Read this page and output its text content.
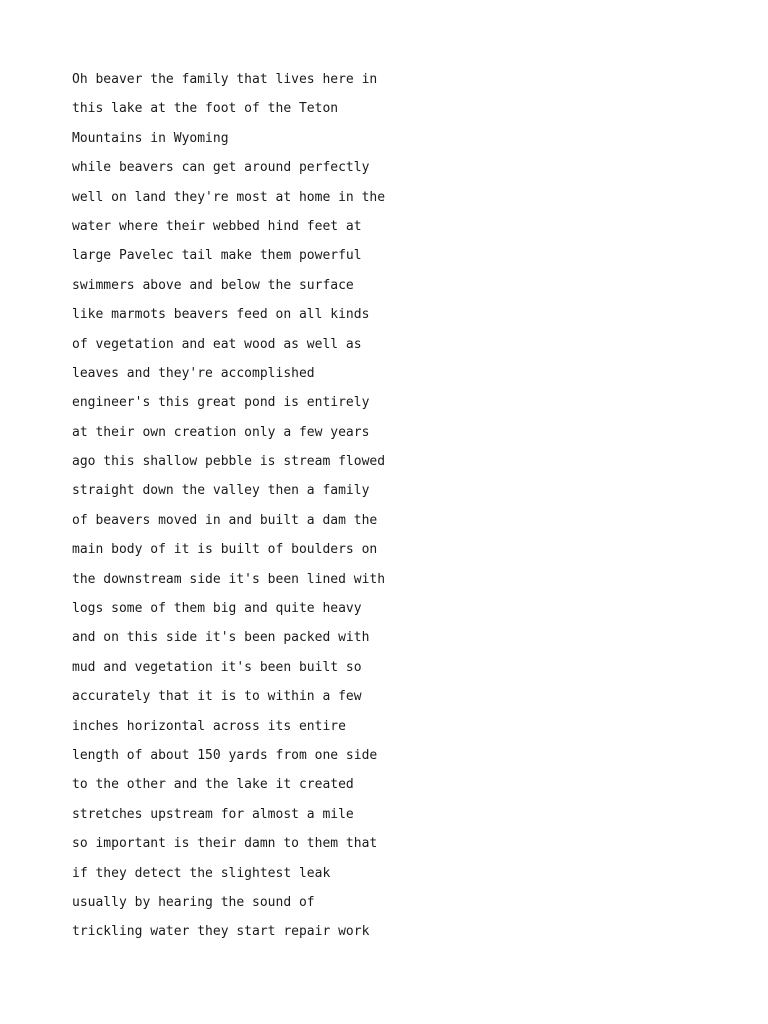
Oh beaver the family that lives here in
this lake at the foot of the Teton
Mountains in Wyoming
while beavers can get around perfectly
well on land they're most at home in the
water where their webbed hind feet at
large Pavelec tail make them powerful
swimmers above and below the surface
like marmots beavers feed on all kinds
of vegetation and eat wood as well as
leaves and they're accomplished
engineer's this great pond is entirely
at their own creation only a few years
ago this shallow pebble is stream flowed
straight down the valley then a family
of beavers moved in and built a dam the
main body of it is built of boulders on
the downstream side it's been lined with
logs some of them big and quite heavy
and on this side it's been packed with
mud and vegetation it's been built so
accurately that it is to within a few
inches horizontal across its entire
length of about 150 yards from one side
to the other and the lake it created
stretches upstream for almost a mile
so important is their damn to them that
if they detect the slightest leak
usually by hearing the sound of
trickling water they start repair work
